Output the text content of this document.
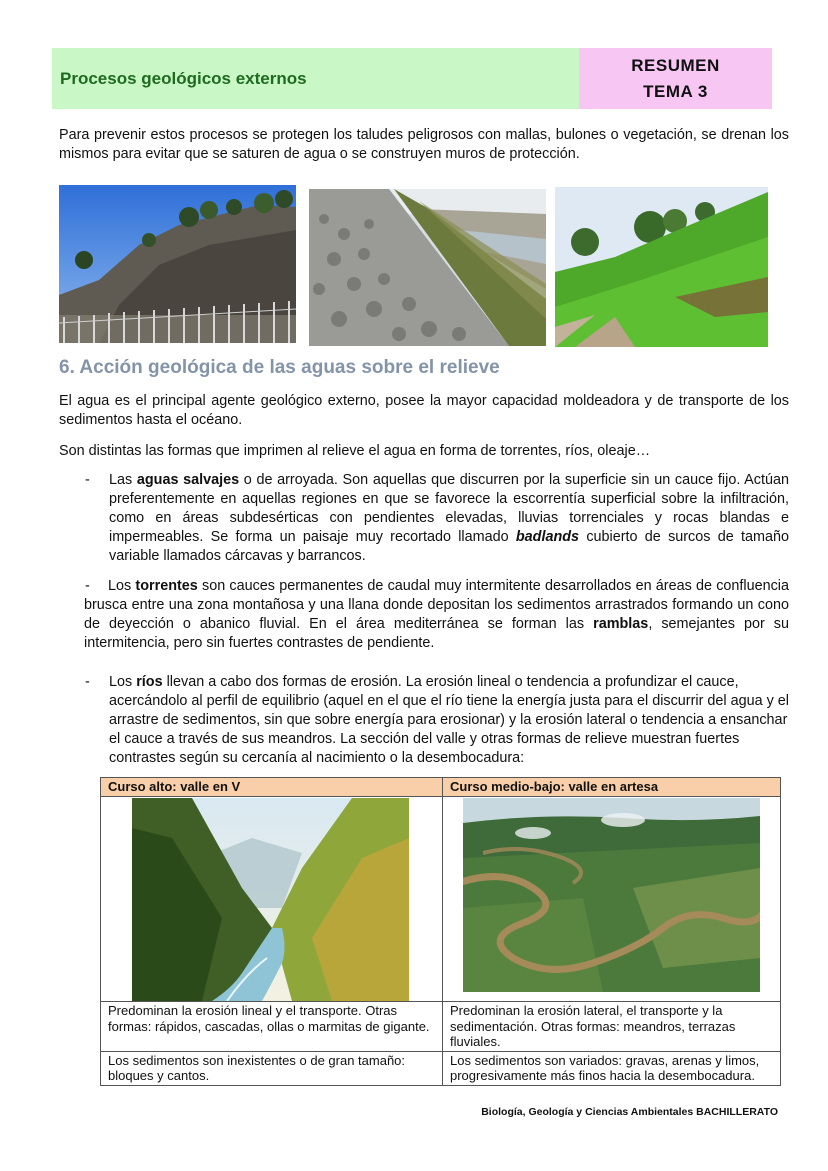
Procesos geológicos externos
RESUMEN
TEMA 3

Para prevenir estos procesos se protegen los taludes peligrosos con mallas, bulones o vegetación, se drenan los mismos para evitar que se saturen de agua o se construyen muros de protección.

6. Acción geológica de las aguas sobre el relieve

El agua es el principal agente geológico externo, posee la mayor capacidad moldeadora y de transporte de los sedimentos hasta el océano.

Son distintas las formas que imprimen al relieve el agua en forma de torrentes, ríos, oleaje…

-	Las aguas salvajes o de arroyada. Son aquellas que discurren por la superficie sin un cauce fijo. Actúan preferentemente en aquellas regiones en que se favorece la escorrentía superficial sobre la infiltración, como en áreas subdesérticas con pendientes elevadas, lluvias torrenciales y rocas blandas e impermeables. Se forma un paisaje muy recortado llamado badlands cubierto de surcos de tamaño variable llamados cárcavas y barrancos.
-	Los torrentes son cauces permanentes de caudal muy intermitente desarrollados en áreas de confluencia brusca entre una zona montañosa y una llana donde depositan los sedimentos arrastrados formando un cono de deyección o abanico fluvial. En el área mediterránea se forman las ramblas, semejantes por su intermitencia, pero sin fuertes contrastes de pendiente.
-	Los ríos llevan a cabo dos formas de erosión. La erosión lineal o tendencia a profundizar el cauce, acercándolo al perfil de equilibrio (aquel en el que el río tiene la energía justa para el discurrir del agua y el arrastre de sedimentos, sin que sobre energía para erosionar) y la erosión lateral o tendencia a ensanchar el cauce a través de sus meandros. La sección del valle y otras formas de relieve muestran fuertes contrastes según su cercanía al nacimiento o la desembocadura:
Curso alto: valle en V	Curso medio-bajo: valle en artesa

Predominan la erosión lineal y el transporte. Otras formas: rápidos, cascadas, ollas o marmitas de gigante.	Predominan la erosión lateral, el transporte y la sedimentación. Otras formas: meandros, terrazas fluviales.
Los sedimentos son inexistentes o de gran tamaño: bloques y cantos.	Los sedimentos son variados: gravas, arenas y limos, progresivamente más finos hacia la desembocadura.
Biología, Geología y Ciencias Ambientales BACHILLERATO
